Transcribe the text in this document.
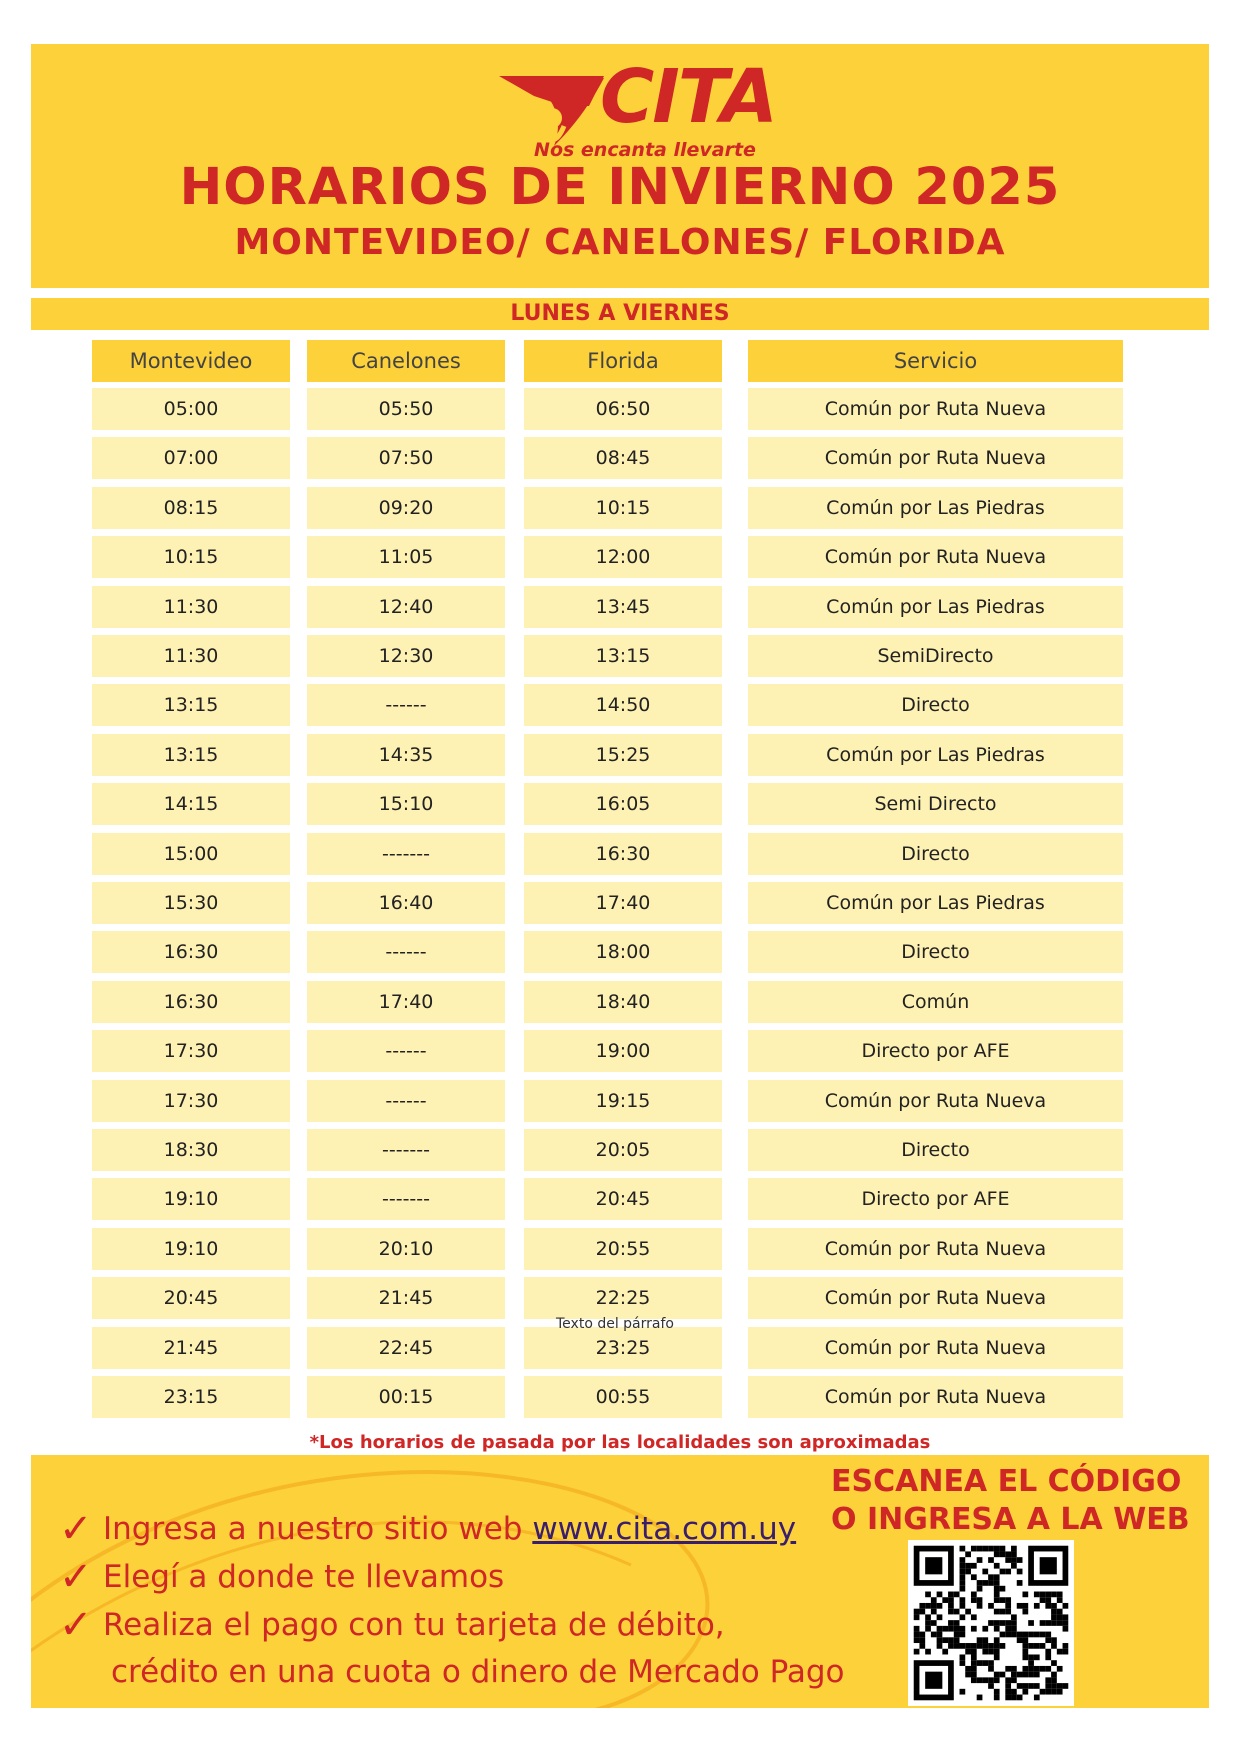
CITA
Nos encanta llevarte
HORARIOS DE INVIERNO 2025
MONTEVIDEO/ CANELONES/ FLORIDA
LUNES A VIERNES
Montevideo	Canelones	Florida	Servicio
05:00	05:50	06:50	Común por Ruta Nueva
07:00	07:50	08:45	Común por Ruta Nueva
08:15	09:20	10:15	Común por Las Piedras
10:15	11:05	12:00	Común por Ruta Nueva
11:30	12:40	13:45	Común por Las Piedras
11:30	12:30	13:15	SemiDirecto
13:15	------	14:50	Directo
13:15	14:35	15:25	Común por Las Piedras
14:15	15:10	16:05	Semi Directo
15:00	-------	16:30	Directo
15:30	16:40	17:40	Común por Las Piedras
16:30	------	18:00	Directo
16:30	17:40	18:40	Común
17:30	------	19:00	Directo por AFE
17:30	------	19:15	Común por Ruta Nueva
18:30	-------	20:05	Directo
19:10	-------	20:45	Directo por AFE
19:10	20:10	20:55	Común por Ruta Nueva
20:45	21:45	22:25	Común por Ruta Nueva
21:45	22:45	23:25	Común por Ruta Nueva
23:15	00:15	00:55	Común por Ruta Nueva
Texto del párrafo
*Los horarios de pasada por las localidades son aproximadas
ESCANEA EL CÓDIGO
O INGRESA A LA WEB
✓ Ingresa a nuestro sitio web www.cita.com.uy
✓ Elegí a donde te llevamos
✓ Realiza el pago con tu tarjeta de débito,
crédito en una cuota o dinero de Mercado Pago
